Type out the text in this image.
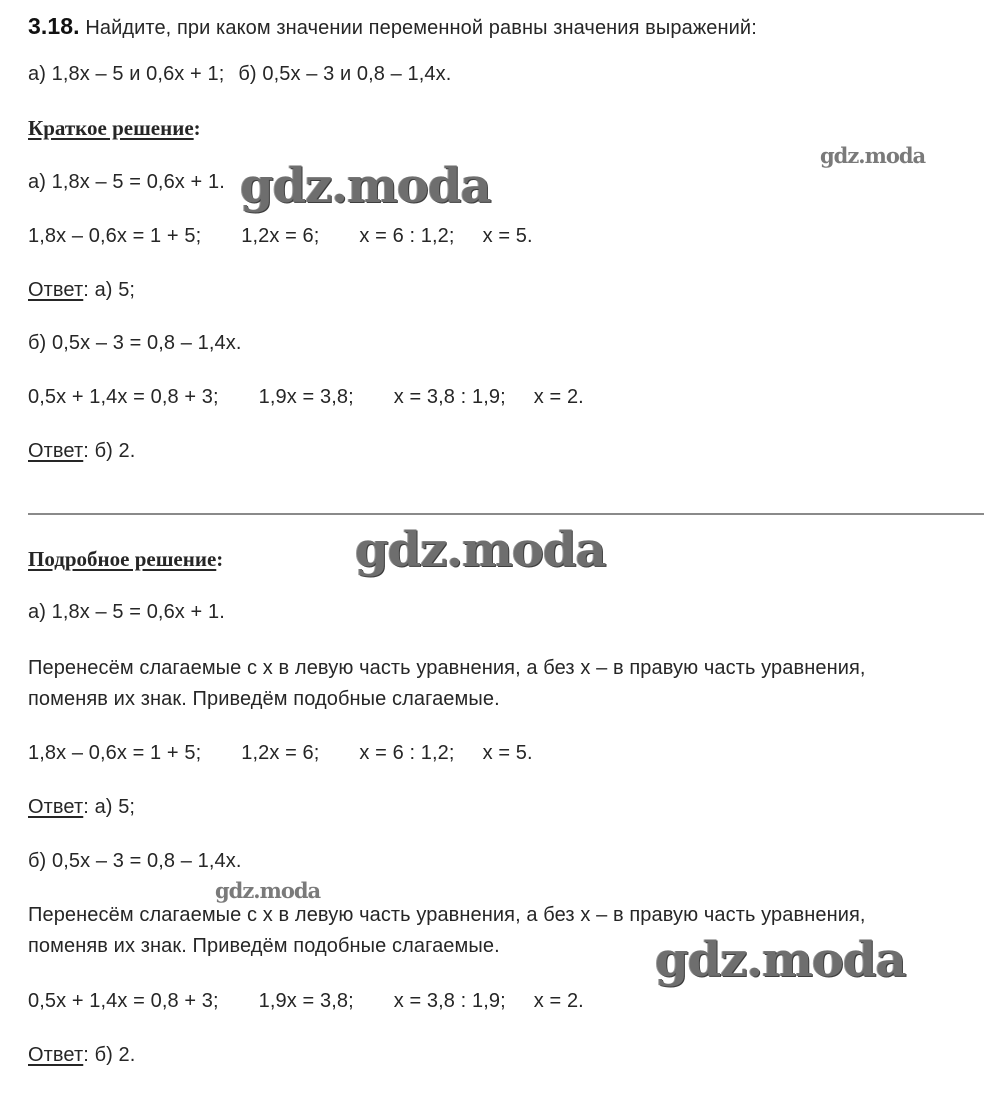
3.18. Найдите, при каком значении переменной равны значения выражений:

а) 1,8x – 5 и 0,6x + 1; б) 0,5x – 3 и 0,8 – 1,4x.

Краткое решение:

а) 1,8x – 5 = 0,6x + 1.

1,8x – 0,6x = 1 + 5; 1,2x = 6; x = 6 : 1,2; x = 5.

Ответ: а) 5;

б) 0,5x – 3 = 0,8 – 1,4x.

0,5x + 1,4x = 0,8 + 3; 1,9x = 3,8; x = 3,8 : 1,9; x = 2.

Ответ: б) 2.

Подробное решение:

а) 1,8x – 5 = 0,6x + 1.

Перенесём слагаемые с x в левую часть уравнения, а без x – в правую часть уравнения,

поменяв их знак. Приведём подобные слагаемые.

1,8x – 0,6x = 1 + 5; 1,2x = 6; x = 6 : 1,2; x = 5.

Ответ: а) 5;

б) 0,5x – 3 = 0,8 – 1,4x.

Перенесём слагаемые с x в левую часть уравнения, а без x – в правую часть уравнения,

поменяв их знак. Приведём подобные слагаемые.

0,5x + 1,4x = 0,8 + 3; 1,9x = 3,8; x = 3,8 : 1,9; x = 2.

Ответ: б) 2.

gdz.moda

gdz.moda

gdz.moda

gdz.moda

gdz.moda
